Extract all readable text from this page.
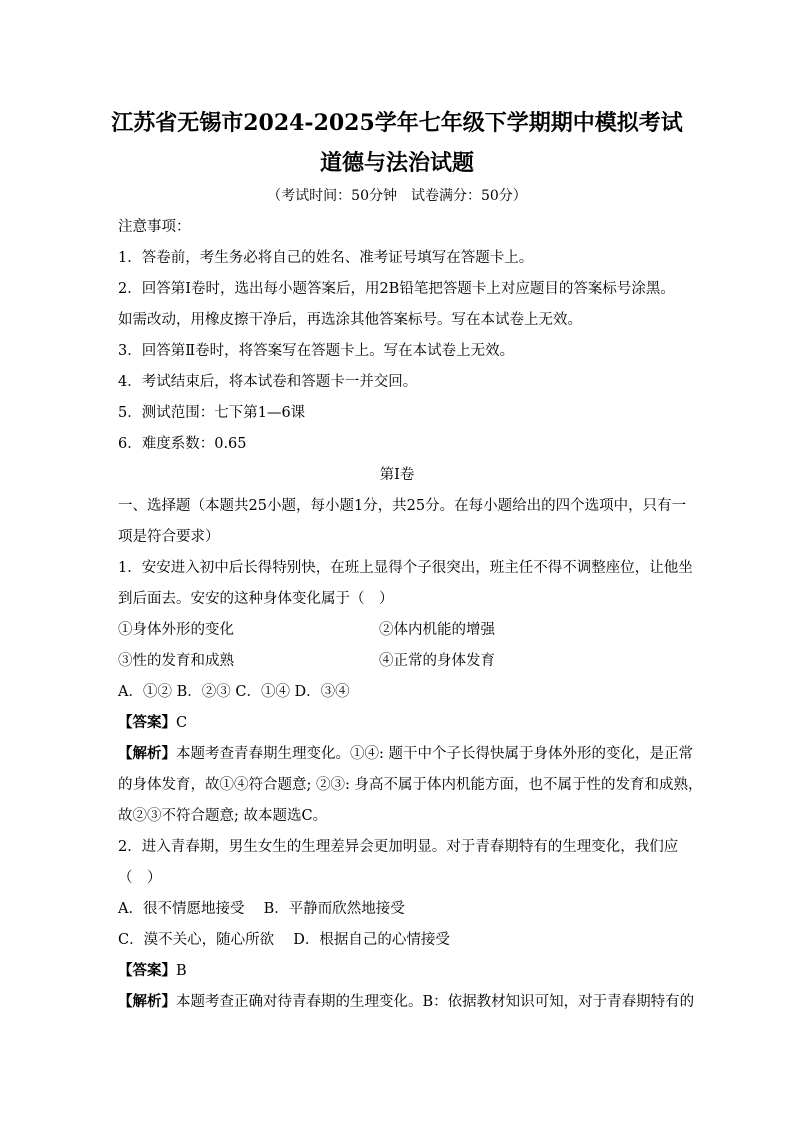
江苏省无锡市2024-2025学年七年级下学期期中模拟考试
道德与法治试题
（考试时间：50分钟　试卷满分：50分）
注意事项：
1．答卷前，考生务必将自己的姓名、准考证号填写在答题卡上。
2．回答第Ⅰ卷时，选出每小题答案后，用2B铅笔把答题卡上对应题目的答案标号涂黑。
如需改动，用橡皮擦干净后，再选涂其他答案标号。写在本试卷上无效。
3．回答第Ⅱ卷时，将答案写在答题卡上。写在本试卷上无效。
4．考试结束后，将本试卷和答题卡一并交回。
5．测试范围：七下第1—6课
6．难度系数：0.65
第Ⅰ卷
一、选择题（本题共25小题，每小题1分，共25分。在每小题给出的四个选项中，只有一
项是符合要求）
1．安安进入初中后长得特别快，在班上显得个子很突出，班主任不得不调整座位，让他坐
到后面去。安安的这种身体变化属于（　）
①身体外形的变化	②体内机能的增强
③性的发育和成熟	④正常的身体发育
A．①② B．②③ C．①④ D．③④
【答案】C
【解析】本题考查青春期生理变化。①④: 题干中个子长得快属于身体外形的变化，是正常
的身体发育，故①④符合题意; ②③: 身高不属于体内机能方面，也不属于性的发育和成熟，
故②③不符合题意; 故本题选C。
2．进入青春期，男生女生的生理差异会更加明显。对于青春期特有的生理变化，我们应
（　）
A．很不情愿地接受　 B．平静而欣然地接受
C．漠不关心，随心所欲　 D．根据自己的心情接受
【答案】B
【解析】本题考查正确对待青春期的生理变化。B：依据教材知识可知，对于青春期特有的
